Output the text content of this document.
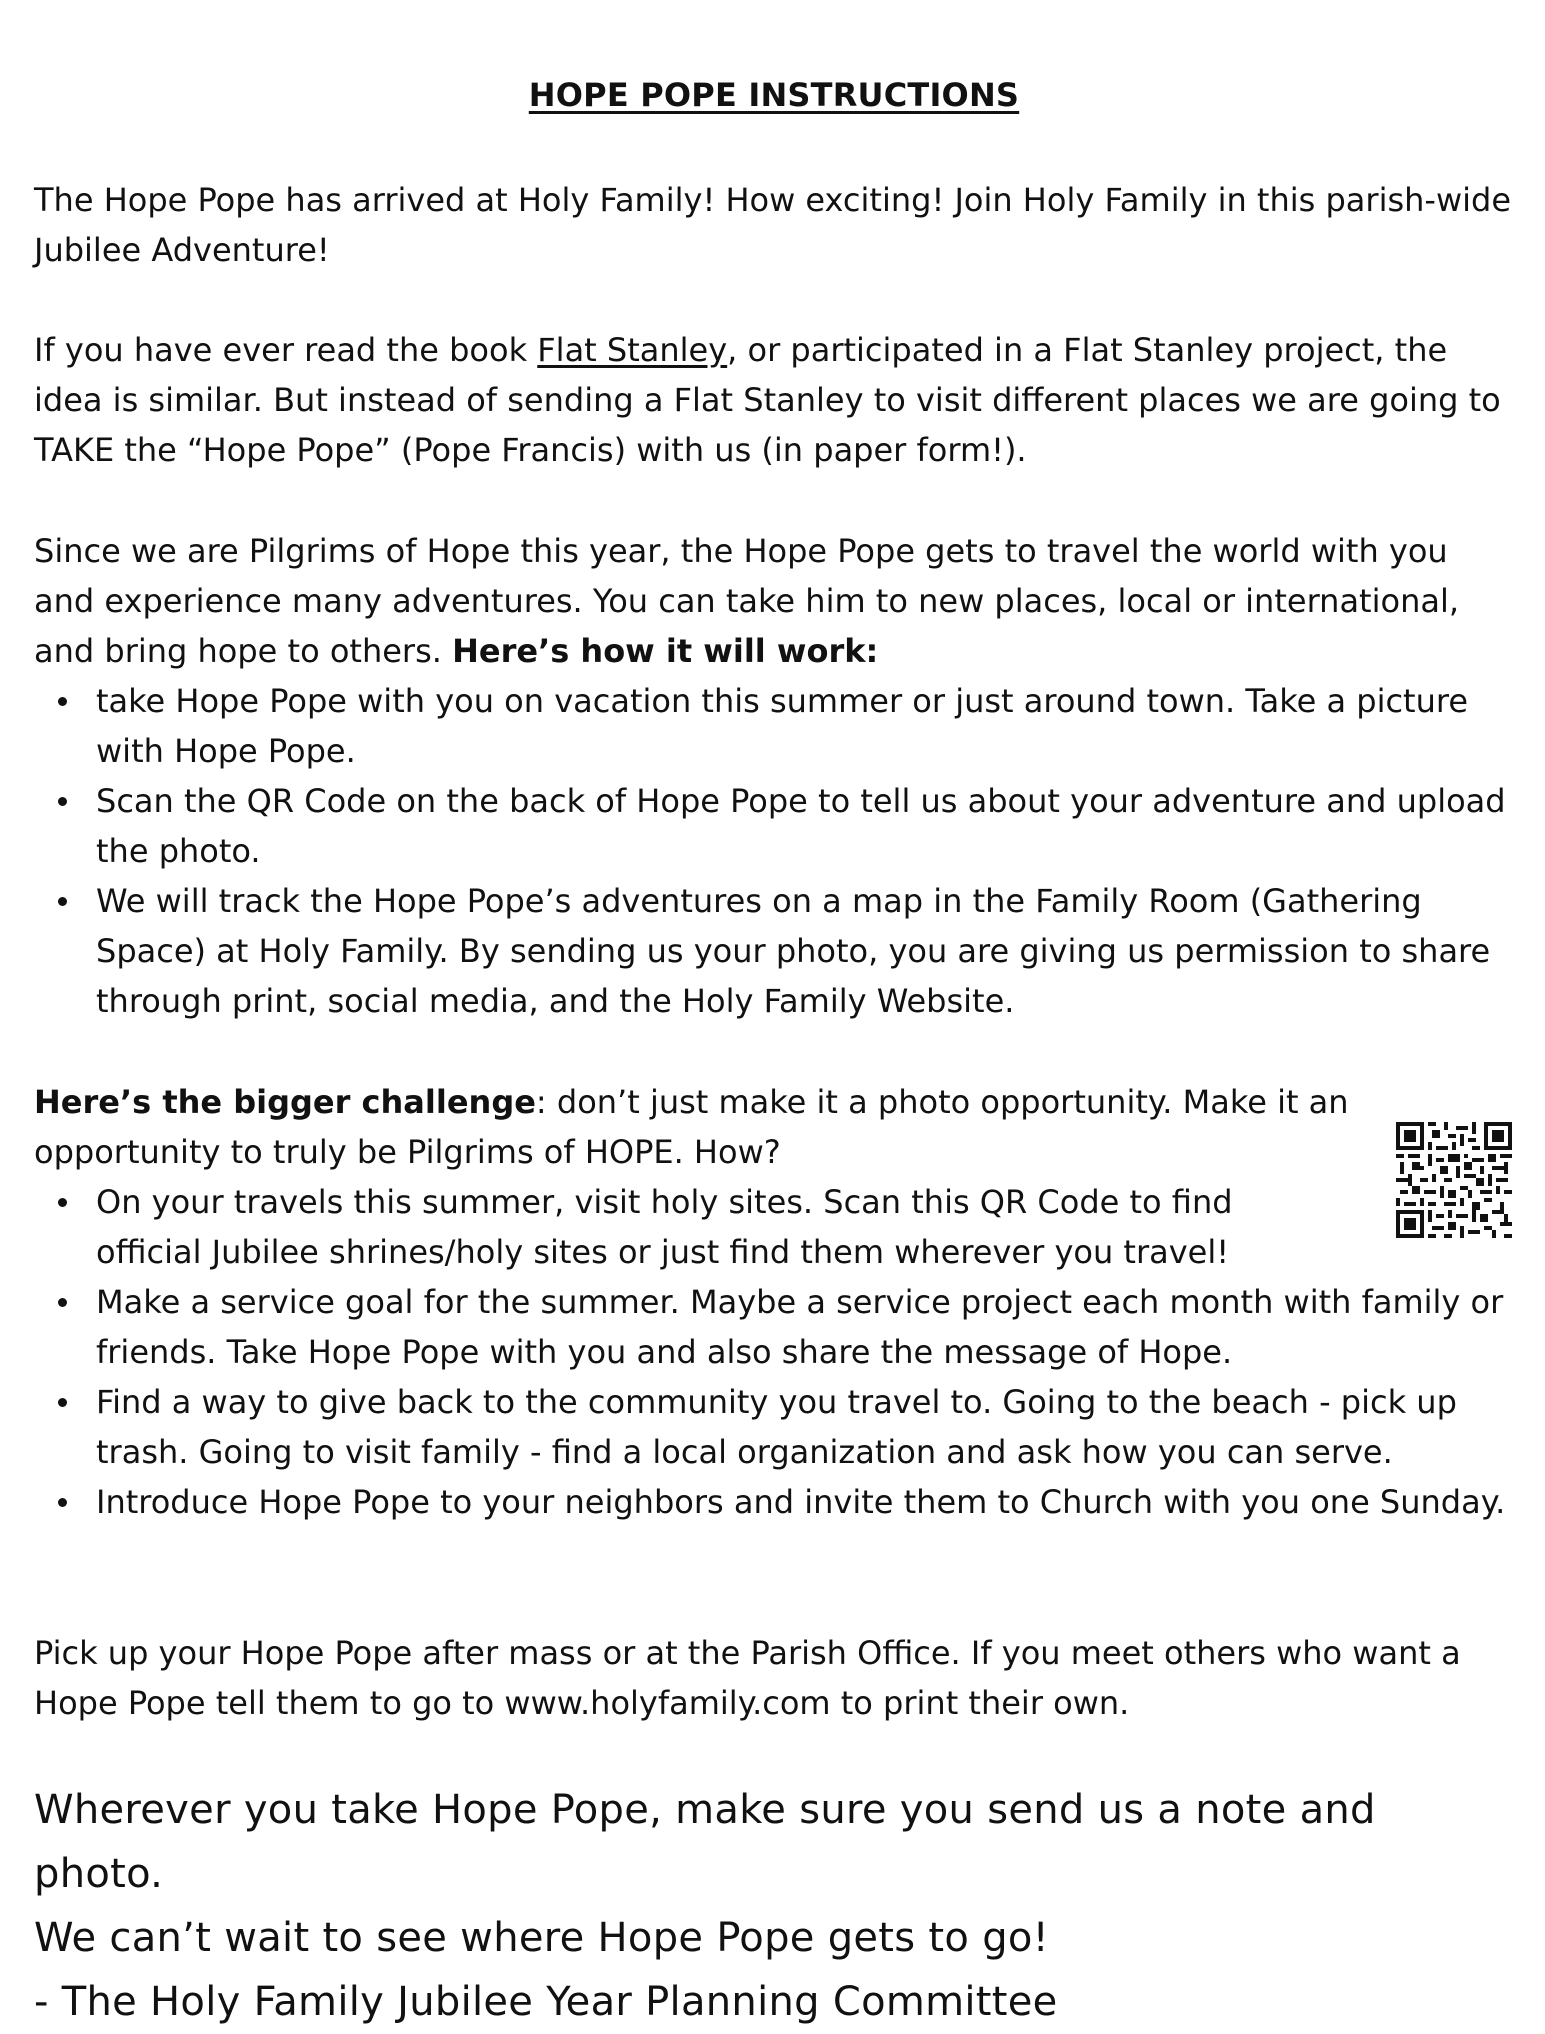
HOPE POPE INSTRUCTIONS

The Hope Pope has arrived at Holy Family! How exciting! Join Holy Family in this parish-wide Jubilee Adventure!

If you have ever read the book Flat Stanley, or participated in a Flat Stanley project, the idea is similar. But instead of sending a Flat Stanley to visit different places we are going to TAKE the “Hope Pope” (Pope Francis) with us (in paper form!).

Since we are Pilgrims of Hope this year, the Hope Pope gets to travel the world with you and experience many adventures. You can take him to new places, local or international, and bring hope to others. Here’s how it will work:

take Hope Pope with you on vacation this summer or just around town. Take a picture with Hope Pope.
Scan the QR Code on the back of Hope Pope to tell us about your adventure and upload the photo.
We will track the Hope Pope’s adventures on a map in the Family Room (Gathering Space) at Holy Family. By sending us your photo, you are giving us permission to share through print, social media, and the Holy Family Website.

Here’s the bigger challenge: don’t just make it a photo opportunity. Make it an opportunity to truly be Pilgrims of HOPE. How?

On your travels this summer, visit holy sites. Scan this QR Code to find official Jubilee shrines/holy sites or just find them wherever you travel!
Make a service goal for the summer. Maybe a service project each month with family or friends. Take Hope Pope with you and also share the message of Hope.
Find a way to give back to the community you travel to. Going to the beach - pick up trash. Going to visit family - find a local organization and ask how you can serve.
Introduce Hope Pope to your neighbors and invite them to Church with you one Sunday.

Pick up your Hope Pope after mass or at the Parish Office. If you meet others who want a Hope Pope tell them to go to www.holyfamily.com to print their own.

Wherever you take Hope Pope, make sure you send us a note and photo.
We can’t wait to see where Hope Pope gets to go!
- The Holy Family Jubilee Year Planning Committee
